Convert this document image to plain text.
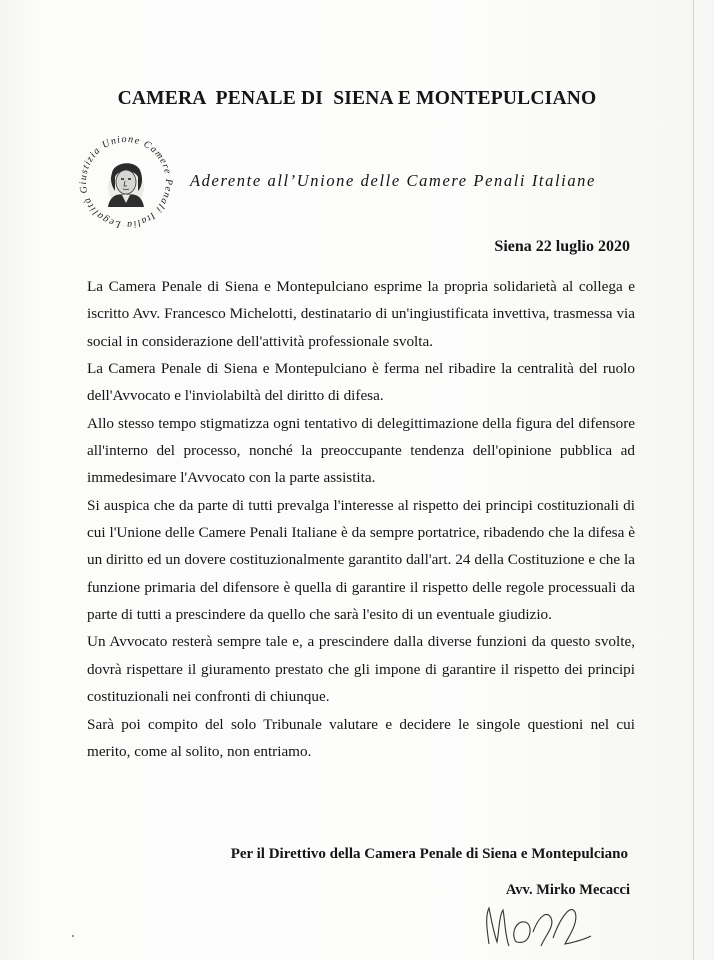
CAMERA  PENALE DI  SIENA E MONTEPULCIANO
Legalità Giustizia Unione Camere Penali Italia
Aderente all’Unione delle Camere Penali Italiane
Siena 22 luglio 2020

La Camera Penale di Siena e Montepulciano esprime la propria solidarietà al collega e iscritto Avv. Francesco Michelotti, destinatario di un'ingiustificata invettiva, trasmessa via social in considerazione dell'attività professionale svolta.

La Camera Penale di Siena e Montepulciano è ferma nel ribadire la centralità del ruolo dell'Avvocato e l'inviolabiltà del diritto di difesa.

Allo stesso tempo stigmatizza ogni tentativo di delegittimazione della figura del difensore all'interno del processo, nonché la preoccupante tendenza dell'opinione pubblica ad immedesimare l'Avvocato con la parte assistita.

Si auspica che da parte di tutti prevalga l'interesse al rispetto dei principi costituzionali di cui l'Unione delle Camere Penali Italiane è da sempre portatrice, ribadendo che la difesa è un diritto ed un dovere costituzionalmente garantito dall'art. 24 della Costituzione e che la funzione primaria del difensore è quella di garantire il rispetto delle regole processuali da parte di tutti a prescindere da quello che sarà l'esito di un eventuale giudizio.

Un Avvocato resterà sempre tale e, a prescindere dalla diverse funzioni da questo svolte, dovrà rispettare il giuramento prestato che gli impone di garantire il rispetto dei principi costituzionali nei confronti di chiunque.

Sarà poi compito del solo Tribunale valutare e decidere le singole questioni nel cui merito, come al solito, non entriamo.

Per il Direttivo della Camera Penale di Siena e Montepulciano
Avv. Mirko Mecacci
